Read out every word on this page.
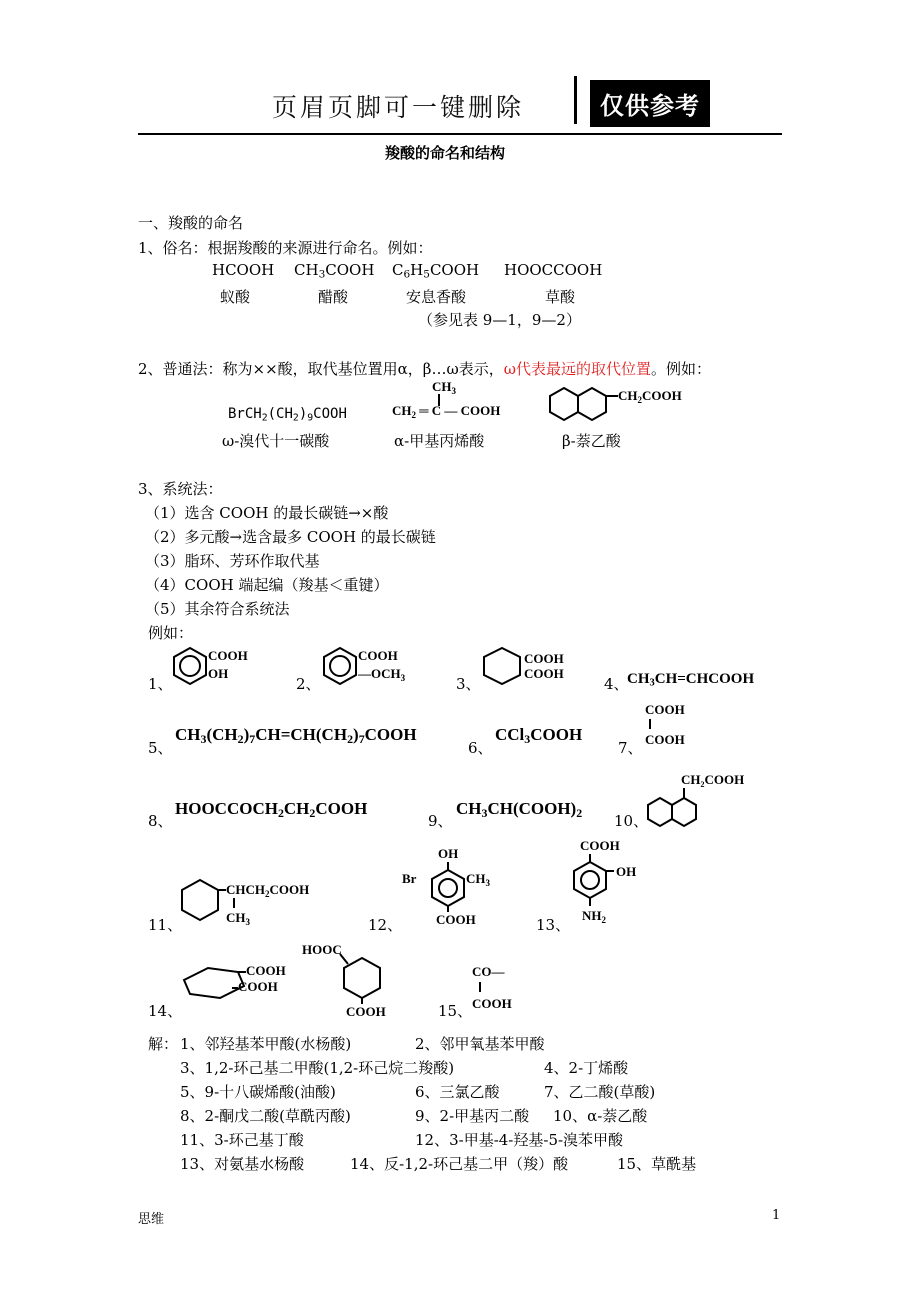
页眉页脚可一键删除	仅供参考
羧酸的命名和结构
一、羧酸的命名
1、俗名：根据羧酸的来源进行命名。例如：
HCOOH $CH_3COOH$ $C_6H_5COOH$ HOOCCOOH
蚁酸	醋酸	安息香酸	草酸
（参见表 9—1，9—2）
2、普通法：称为××酸，取代基位置用α，β…ω表示，ω代表最远的取代位置。例如：
$BrCH_2(CH_2)_9COOH$
ω-溴代十一碳酸
$CH_3$
$CH_2$ ═ C — COOH
α-甲基丙烯酸
$CH_2COOH$
β-萘乙酸
3、系统法：
（1）选含 COOH 的最长碳链→×酸
（2）多元酸→选含最多 COOH 的最长碳链
（3）脂环、芳环作取代基
（4）COOH 端起编（羧基＜重键）
（5）其余符合系统法
例如：
1、
COOH
OH
2、
COOH
$—OCH_3$	3、
COOH
COOH
4、
$CH_3CH=CHCOOH$
5、
$CH_3(CH_2)_7CH=CH(CH_2)_7COOH$
6、
CCl$_3$COOH
7、
COOH
COOH
8、
$HOOCCOCH_2CH_2COOH$
9、
$CH_3CH(COOH)_2$ 10、
$CH_2COOH$
11、
$CHCH_2COOH$
$CH_3$	12、
OH
Br	$CH_3$
COOH	13、
COOH
OH
$NH_2$
14、
COOH
COOH
HOOC
COOH	15、
CO—
COOH
解： 1、邻羟基苯甲酸(水杨酸)	2、邻甲氧基苯甲酸
3、1,2-环己基二甲酸(1,2-环己烷二羧酸)	4、2-丁烯酸
5、9-十八碳烯酸(油酸)	6、三氯乙酸	7、乙二酸(草酸)
8、2-酮戊二酸(草酰丙酸)	9、2-甲基丙二酸 10、α-萘乙酸
11、3-环己基丁酸	12、3-甲基-4-羟基-5-溴苯甲酸
13、对氨基水杨酸	14、反-1,2-环己基二甲（羧）酸	15、草酰基
思维	1
